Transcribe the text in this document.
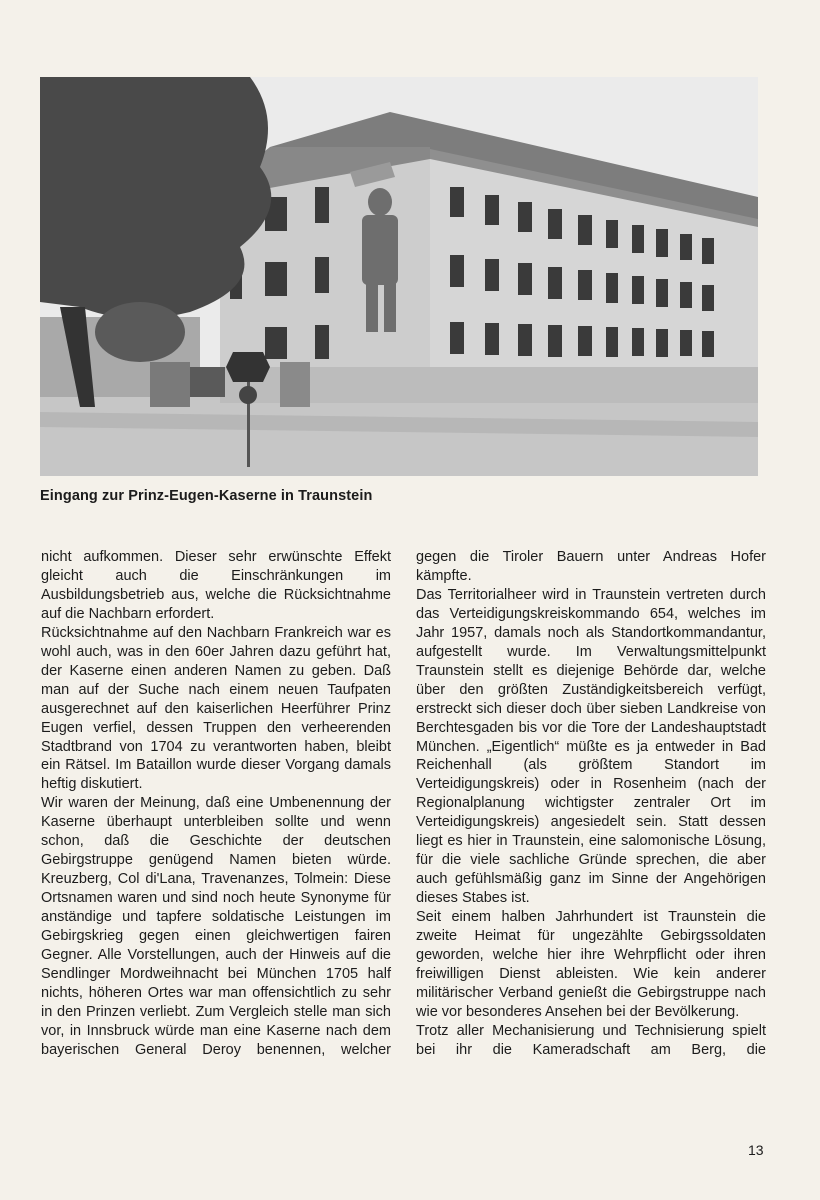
Eingang zur Prinz-Eugen-Kaserne in Traunstein

nicht aufkommen. Dieser sehr erwünschte Effekt gleicht auch die Einschränkungen im Ausbildungsbetrieb aus, welche die Rücksichtnahme auf die Nachbarn erfordert.

Rücksichtnahme auf den Nachbarn Frankreich war es wohl auch, was in den 60er Jahren dazu geführt hat, der Kaserne einen anderen Namen zu geben. Daß man auf der Suche nach einem neuen Taufpaten ausgerechnet auf den kaiserlichen Heerführer Prinz Eugen verfiel, dessen Truppen den verheerenden Stadtbrand von 1704 zu verantworten haben, bleibt ein Rätsel. Im Bataillon wurde dieser Vorgang damals heftig diskutiert.

Wir waren der Meinung, daß eine Umbenennung der Kaserne überhaupt unterbleiben sollte und wenn schon, daß die Geschichte der deutschen Gebirgstruppe genügend Namen bieten würde. Kreuzberg, Col di'Lana, Travenanzes, Tolmein: Diese Ortsnamen waren und sind noch heute Synonyme für anständige und tapfere soldatische Leistungen im Gebirgskrieg gegen einen gleichwertigen fairen Gegner. Alle Vorstellungen, auch der Hinweis auf die Sendlinger Mordweihnacht bei München 1705 half nichts, höheren Ortes war man offensichtlich zu sehr in den Prinzen verliebt. Zum Vergleich stelle man sich vor, in Innsbruck würde man eine Kaserne nach dem bayerischen General Deroy benennen, welcher

gegen die Tiroler Bauern unter Andreas Hofer kämpfte.

Das Territorialheer wird in Traunstein vertreten durch das Verteidigungskreiskommando 654, welches im Jahr 1957, damals noch als Standortkommandantur, aufgestellt wurde. Im Verwaltungsmittelpunkt Traunstein stellt es diejenige Behörde dar, welche über den größten Zuständigkeitsbereich verfügt, erstreckt sich dieser doch über sieben Landkreise von Berchtesgaden bis vor die Tore der Landeshauptstadt München. „Eigentlich“ müßte es ja entweder in Bad Reichenhall (als größtem Standort im Verteidigungskreis) oder in Rosenheim (nach der Regionalplanung wichtigster zentraler Ort im Verteidigungskreis) angesiedelt sein. Statt dessen liegt es hier in Traunstein, eine salomonische Lösung, für die viele sachliche Gründe sprechen, die aber auch gefühlsmäßig ganz im Sinne der Angehörigen dieses Stabes ist.

Seit einem halben Jahrhundert ist Traunstein die zweite Heimat für ungezählte Gebirgssoldaten geworden, welche hier ihre Wehrpflicht oder ihren freiwilligen Dienst ableisten. Wie kein anderer militärischer Verband genießt die Gebirgstruppe nach wie vor besonderes Ansehen bei der Bevölkerung.

Trotz aller Mechanisierung und Technisierung spielt bei ihr die Kameradschaft am Berg, die

13
